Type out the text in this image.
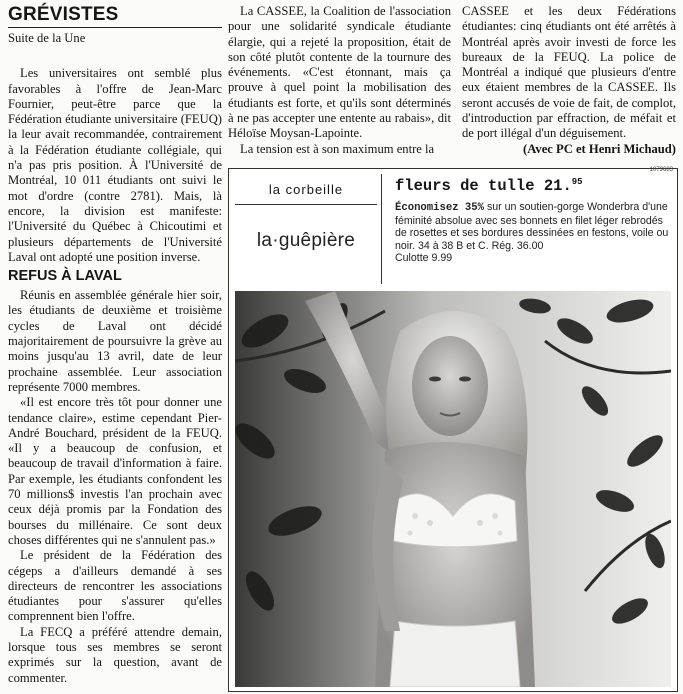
GRÉVISTES
Suite de la Une

Les universitaires ont semblé plus favorables à l'offre de Jean-Marc Fournier, peut-être parce que la Fédération étudiante universitaire (FEUQ) la leur avait recommandée, contrairement à la Fédération étudiante collégiale, qui n'a pas pris position. À l'Université de Montréal, 10 011 étudiants ont suivi le mot d'ordre (contre 2781). Mais, là encore, la division est manifeste: l'Université du Québec à Chicoutimi et plusieurs départements de l'Université Laval ont adopté une position inverse.

REFUS À LAVAL

Réunis en assemblée générale hier soir, les étudiants de deuxième et troisième cycles de Laval ont décidé majoritairement de poursuivre la grève au moins jusqu'au 13 avril, date de leur prochaine assemblée. Leur association représente 7000 membres.

«Il est encore très tôt pour donner une tendance claire», estime cependant Pier-André Bouchard, président de la FEUQ. «Il y a beaucoup de confusion, et beaucoup de travail d'information à faire. Par exemple, les étudiants confondent les 70 millions$ investis l'an prochain avec ceux déjà promis par la Fondation des bourses du millénaire. Ce sont deux choses différentes qui ne s'annulent pas.»

Le président de la Fédération des cégeps a d'ailleurs demandé à ses directeurs de rencontrer les associations étudiantes pour s'assurer qu'elles comprennent bien l'offre.

La FECQ a préféré attendre demain, lorsque tous ses membres se seront exprimés sur la question, avant de commenter.

La CASSEE, la Coalition de l'association pour une solidarité syndicale étudiante élargie, qui a rejeté la proposition, était de son côté plutôt contente de la tournure des événements. «C'est étonnant, mais ça prouve à quel point la mobilisation des étudiants est forte, et qu'ils sont déterminés à ne pas accepter une entente au rabais», dit Héloïse Moysan-Lapointe.

La tension est à son maximum entre la

CASSEE et les deux Fédérations étudiantes: cinq étudiants ont été arrêtés à Montréal après avoir investi de force les bureaux de la FEUQ. La police de Montréal a indiqué que plusieurs d'entre eux étaient membres de la CASSEE. Ils seront accusés de voie de fait, de complot, d'introduction par effraction, de méfait et de port illégal d'un déguisement.

(Avec PC et Henri Michaud)

1079683
la corbeille
la·guêpière
fleurs de tulle 21.95
Économisez 35% sur un soutien-gorge Wonderbra d'une féminité absolue avec ses bonnets en filet léger rebrodés de rosettes et ses bordures dessinées en festons, voile ou noir. 34 à 38 B et C. Rég. 36.00
Culotte 9.99
